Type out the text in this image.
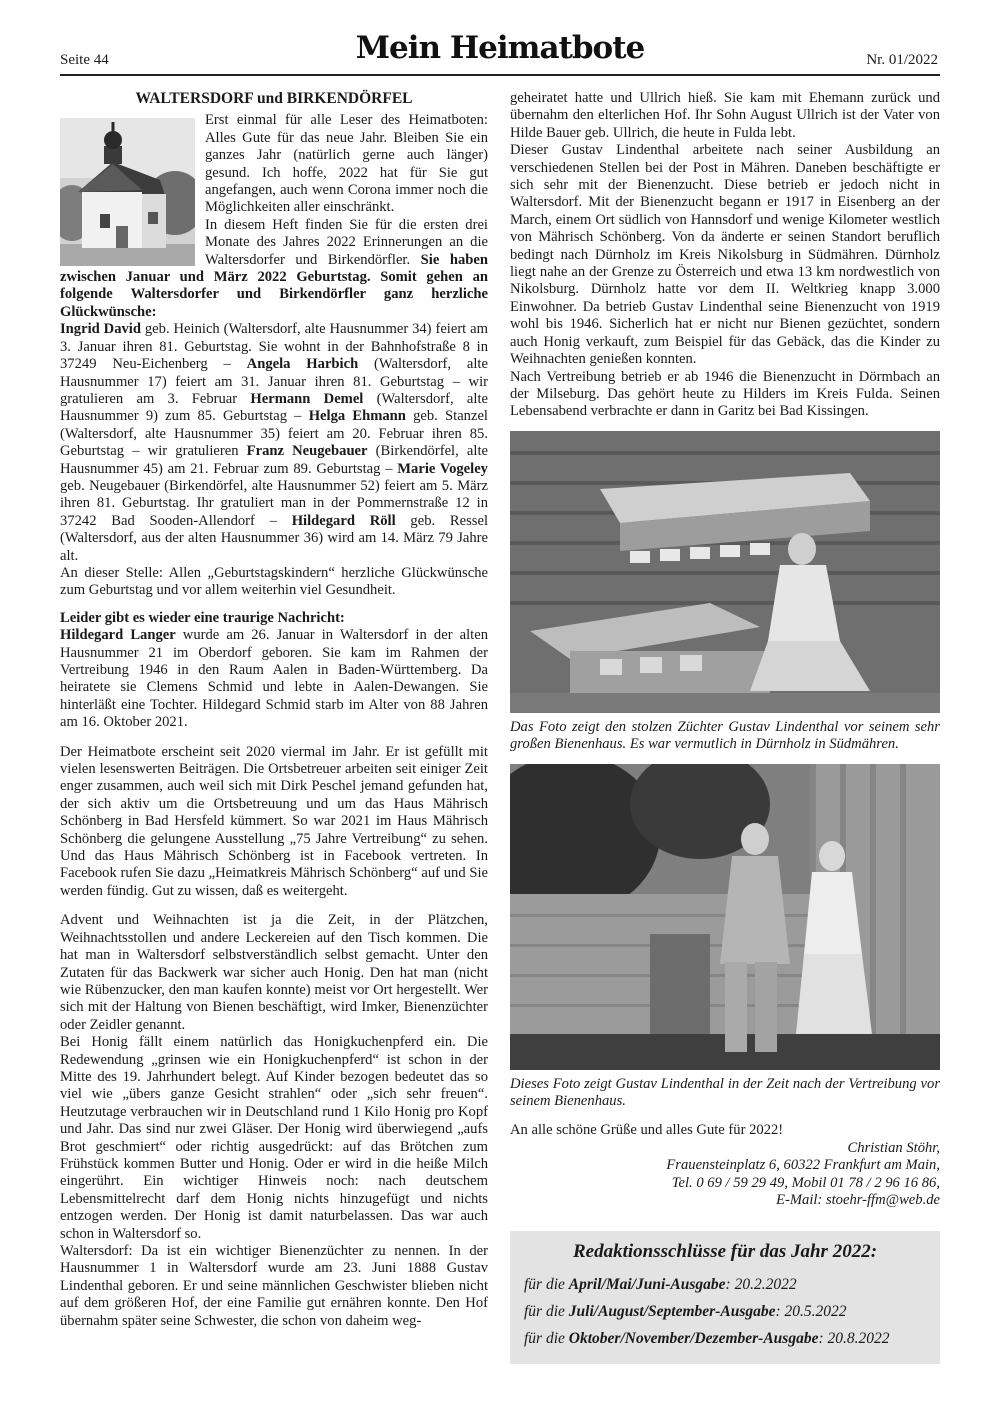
Seite 44	Mein Heimatbote	Nr. 01/2022

WALTERSDORF und BIRKENDÖRFEL

Erst einmal für alle Leser des Heimatboten: Alles Gute für das neue Jahr. Bleiben Sie ein ganzes Jahr (natürlich gerne auch länger) gesund. Ich hoffe, 2022 hat für Sie gut angefangen, auch wenn Corona immer noch die Möglichkeiten aller einschränkt.

In diesem Heft finden Sie für die ersten drei Monate des Jahres 2022 Erinnerungen an die Waltersdorfer und Birkendörfler. Sie haben zwischen Januar und März 2022 Geburtstag. Somit gehen an folgende Waltersdorfer und Birkendörfler ganz herzliche Glückwünsche:

Ingrid David geb. Heinich (Waltersdorf, alte Hausnummer 34) feiert am 3. Januar ihren 81. Geburtstag. Sie wohnt in der Bahnhofstraße 8 in 37249 Neu-Eichenberg – Angela Harbich (Waltersdorf, alte Hausnummer 17) feiert am 31. Januar ihren 81. Geburtstag – wir gratulieren am 3. Februar Hermann Demel (Waltersdorf, alte Hausnummer 9) zum 85. Geburtstag – Helga Ehmann geb. Stanzel (Waltersdorf, alte Hausnummer 35) feiert am 20. Februar ihren 85. Geburtstag – wir gratulieren Franz Neugebauer (Birkendörfel, alte Hausnummer 45) am 21. Februar zum 89. Geburtstag – Marie Vogeley geb. Neugebauer (Birkendörfel, alte Hausnummer 52) feiert am 5. März ihren 81. Geburtstag. Ihr gratuliert man in der Pommernstraße 12 in 37242 Bad Sooden-Allendorf – Hildegard Röll geb. Ressel (Waltersdorf, aus der alten Hausnummer 36) wird am 14. März 79 Jahre alt.

An dieser Stelle: Allen „Geburtstagskindern“ herzliche Glückwünsche zum Geburtstag und vor allem weiterhin viel Gesundheit.

Leider gibt es wieder eine traurige Nachricht:

Hildegard Langer wurde am 26. Januar in Waltersdorf in der alten Hausnummer 21 im Oberdorf geboren. Sie kam im Rahmen der Vertreibung 1946 in den Raum Aalen in Baden-Württemberg. Da heiratete sie Clemens Schmid und lebte in Aalen-Dewangen. Sie hinterläßt eine Tochter. Hildegard Schmid starb im Alter von 88 Jahren am 16. Oktober 2021.

Der Heimatbote erscheint seit 2020 viermal im Jahr. Er ist gefüllt mit vielen lesenswerten Beiträgen. Die Ortsbetreuer arbeiten seit einiger Zeit enger zusammen, auch weil sich mit Dirk Peschel jemand gefunden hat, der sich aktiv um die Ortsbetreuung und um das Haus Mährisch Schönberg in Bad Hersfeld kümmert. So war 2021 im Haus Mährisch Schönberg die gelungene Ausstellung „75 Jahre Vertreibung“ zu sehen. Und das Haus Mährisch Schönberg ist in Facebook vertreten. In Facebook rufen Sie dazu „Heimatkreis Mährisch Schönberg“ auf und Sie werden fündig. Gut zu wissen, daß es weitergeht.

Advent und Weihnachten ist ja die Zeit, in der Plätzchen, Weihnachtsstollen und andere Leckereien auf den Tisch kommen. Die hat man in Waltersdorf selbstverständlich selbst gemacht. Unter den Zutaten für das Backwerk war sicher auch Honig. Den hat man (nicht wie Rübenzucker, den man kaufen konnte) meist vor Ort hergestellt. Wer sich mit der Haltung von Bienen beschäftigt, wird Imker, Bienenzüchter oder Zeidler genannt.

Bei Honig fällt einem natürlich das Honigkuchenpferd ein. Die Redewendung „grinsen wie ein Honigkuchenpferd“ ist schon in der Mitte des 19. Jahrhundert belegt. Auf Kinder bezogen bedeutet das so viel wie „übers ganze Gesicht strahlen“ oder „sich sehr freuen“. Heutzutage verbrauchen wir in Deutschland rund 1 Kilo Honig pro Kopf und Jahr. Das sind nur zwei Gläser. Der Honig wird überwiegend „aufs Brot geschmiert“ oder richtig ausgedrückt: auf das Brötchen zum Frühstück kommen Butter und Honig. Oder er wird in die heiße Milch eingerührt. Ein wichtiger Hinweis noch: nach deutschem Lebensmittelrecht darf dem Honig nichts hinzugefügt und nichts entzogen werden. Der Honig ist damit naturbelassen. Das war auch schon in Waltersdorf so.

Waltersdorf: Da ist ein wichtiger Bienenzüchter zu nennen. In der Hausnummer 1 in Waltersdorf wurde am 23. Juni 1888 Gustav Lindenthal geboren. Er und seine männlichen Geschwister blieben nicht auf dem größeren Hof, der eine Familie gut ernähren konnte. Den Hof übernahm später seine Schwester, die schon von daheim weg-

geheiratet hatte und Ullrich hieß. Sie kam mit Ehemann zurück und übernahm den elterlichen Hof. Ihr Sohn August Ullrich ist der Vater von Hilde Bauer geb. Ullrich, die heute in Fulda lebt.

Dieser Gustav Lindenthal arbeitete nach seiner Ausbildung an verschiedenen Stellen bei der Post in Mähren. Daneben beschäftigte er sich sehr mit der Bienenzucht. Diese betrieb er jedoch nicht in Waltersdorf. Mit der Bienenzucht begann er 1917 in Eisenberg an der March, einem Ort südlich von Hannsdorf und wenige Kilometer westlich von Mährisch Schönberg. Von da änderte er seinen Standort beruflich bedingt nach Dürnholz im Kreis Nikolsburg in Südmähren. Dürnholz liegt nahe an der Grenze zu Österreich und etwa 13 km nordwestlich von Nikolsburg. Dürnholz hatte vor dem II. Weltkrieg knapp 3.000 Einwohner. Da betrieb Gustav Lindenthal seine Bienenzucht von 1919 wohl bis 1946. Sicherlich hat er nicht nur Bienen gezüchtet, sondern auch Honig verkauft, zum Beispiel für das Gebäck, das die Kinder zu Weihnachten genießen konnten.

Nach Vertreibung betrieb er ab 1946 die Bienenzucht in Dörmbach an der Milseburg. Das gehört heute zu Hilders im Kreis Fulda. Seinen Lebensabend verbrachte er dann in Garitz bei Bad Kissingen.

Das Foto zeigt den stolzen Züchter Gustav Lindenthal vor seinem sehr großen Bienenhaus. Es war vermutlich in Dürnholz in Südmähren.

Dieses Foto zeigt Gustav Lindenthal in der Zeit nach der Vertreibung vor seinem Bienenhaus.

An alle schöne Grüße und alles Gute für 2022!

Christian Stöhr,

Frauensteinplatz 6, 60322 Frankfurt am Main,

Tel. 0 69 / 59 29 49, Mobil 01 78 / 2 96 16 86,

E-Mail: stoehr-ffm@web.de

Redaktionsschlüsse für das Jahr 2022:

für die April/Mai/Juni-Ausgabe: 20.2.2022
für die Juli/August/September-Ausgabe: 20.5.2022
für die Oktober/November/Dezember-Ausgabe: 20.8.2022
